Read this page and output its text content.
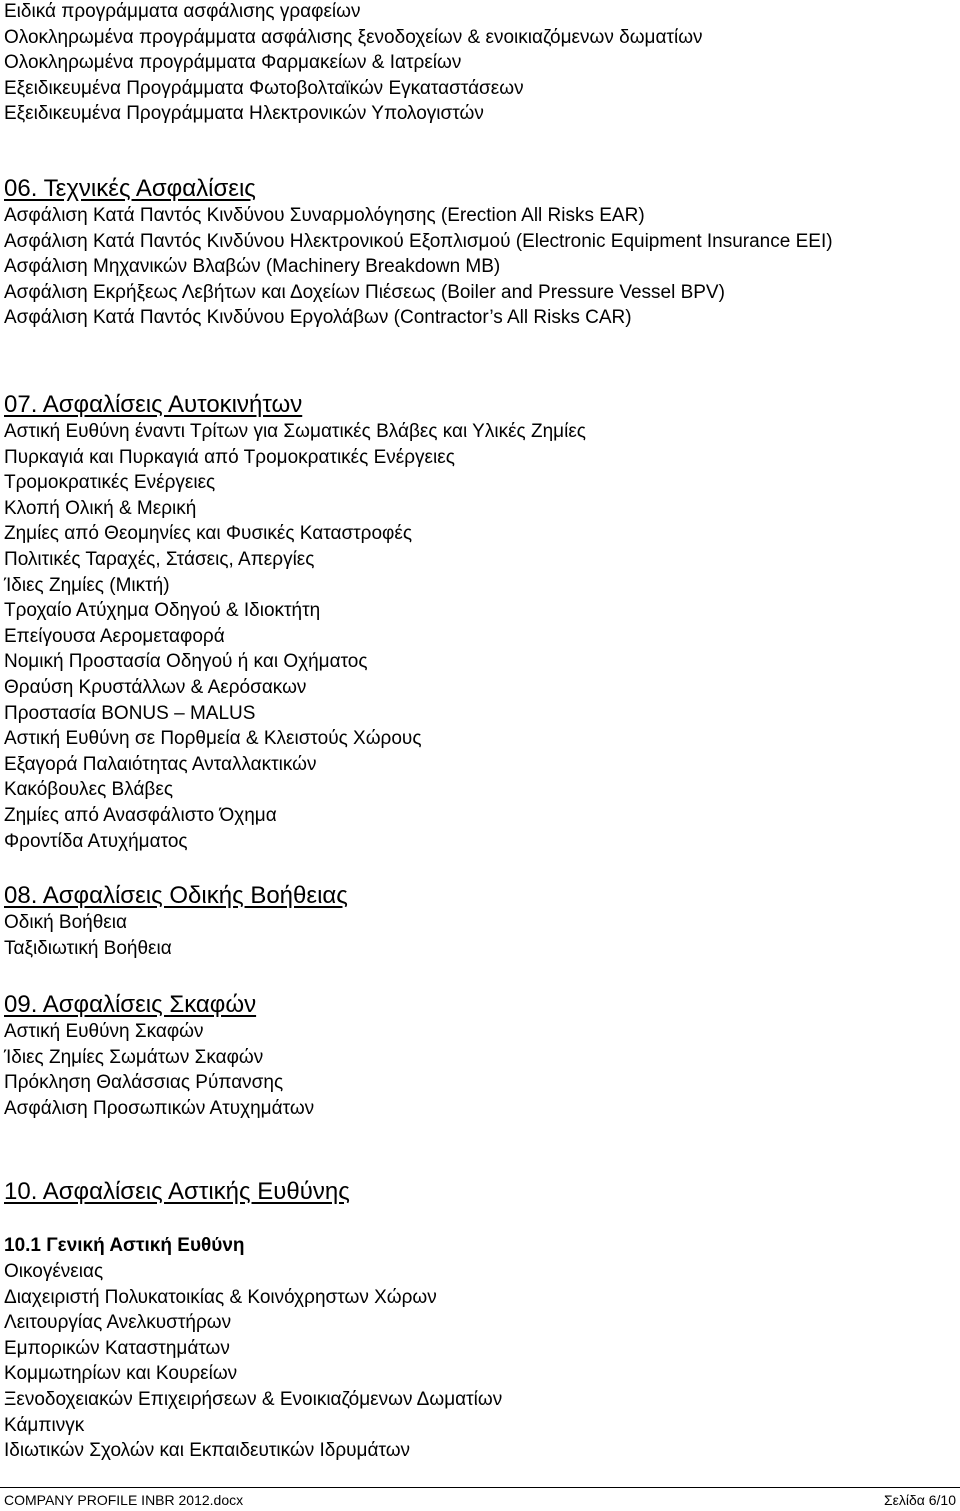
Ειδικά προγράμματα ασφάλισης γραφείων
Ολοκληρωμένα προγράμματα ασφάλισης ξενοδοχείων & ενοικιαζόμενων δωματίων
Ολοκληρωμένα προγράμματα Φαρμακείων & Ιατρείων
Εξειδικευμένα Προγράμματα Φωτοβολταϊκών Εγκαταστάσεων
Εξειδικευμένα Προγράμματα Ηλεκτρονικών Υπολογιστών
06. Τεχνικές Ασφαλίσεις
Ασφάλιση Κατά Παντός Κινδύνου Συναρμολόγησης (Erection All Risks EAR)
Ασφάλιση Κατά Παντός Κινδύνου Ηλεκτρονικού Εξοπλισμού (Electronic Equipment Insurance EEI)
Ασφάλιση Μηχανικών Βλαβών (Machinery Breakdown MB)
Ασφάλιση Εκρήξεως Λεβήτων και Δοχείων Πιέσεως (Boiler and Pressure Vessel BPV)
Ασφάλιση Κατά Παντός Κινδύνου Εργολάβων (Contractor’s All Risks CAR)
07. Ασφαλίσεις Αυτοκινήτων
Αστική Ευθύνη έναντι Τρίτων για Σωματικές Βλάβες και Υλικές Ζημίες
Πυρκαγιά και Πυρκαγιά από Τρομοκρατικές Ενέργειες
Τρομοκρατικές Ενέργειες
Κλοπή Ολική & Μερική
Ζημίες από Θεομηνίες και Φυσικές Καταστροφές
Πολιτικές Ταραχές, Στάσεις, Απεργίες
Ίδιες Ζημίες (Μικτή)
Τροχαίο Ατύχημα Οδηγού & Ιδιοκτήτη
Επείγουσα Αερομεταφορά
Νομική Προστασία Οδηγού ή και Οχήματος
Θραύση Κρυστάλλων & Αερόσακων
Προστασία BONUS – MALUS
Αστική Ευθύνη σε Πορθμεία & Κλειστούς Χώρους
Εξαγορά Παλαιότητας Ανταλλακτικών
Κακόβουλες Βλάβες
Ζημίες από Ανασφάλιστο Όχημα
Φροντίδα Ατυχήματος
08. Ασφαλίσεις Οδικής Βοήθειας
Οδική Βοήθεια
Ταξιδιωτική Βοήθεια
09. Ασφαλίσεις Σκαφών
Αστική Ευθύνη Σκαφών
Ίδιες Ζημίες Σωμάτων Σκαφών
Πρόκληση Θαλάσσιας Ρύπανσης
Ασφάλιση Προσωπικών Ατυχημάτων
10. Ασφαλίσεις Αστικής Ευθύνης
10.1 Γενική Αστική Ευθύνη
Οικογένειας
Διαχειριστή Πολυκατοικίας & Κοινόχρηστων Χώρων
Λειτουργίας Ανελκυστήρων
Εμπορικών Καταστημάτων
Κομμωτηρίων και Κουρείων
Ξενοδοχειακών Επιχειρήσεων & Ενοικιαζόμενων Δωματίων
Κάμπινγκ
Ιδιωτικών Σχολών και Εκπαιδευτικών Ιδρυμάτων
COMPANY PROFILE INBR 2012.docx	Σελίδα 6/10
